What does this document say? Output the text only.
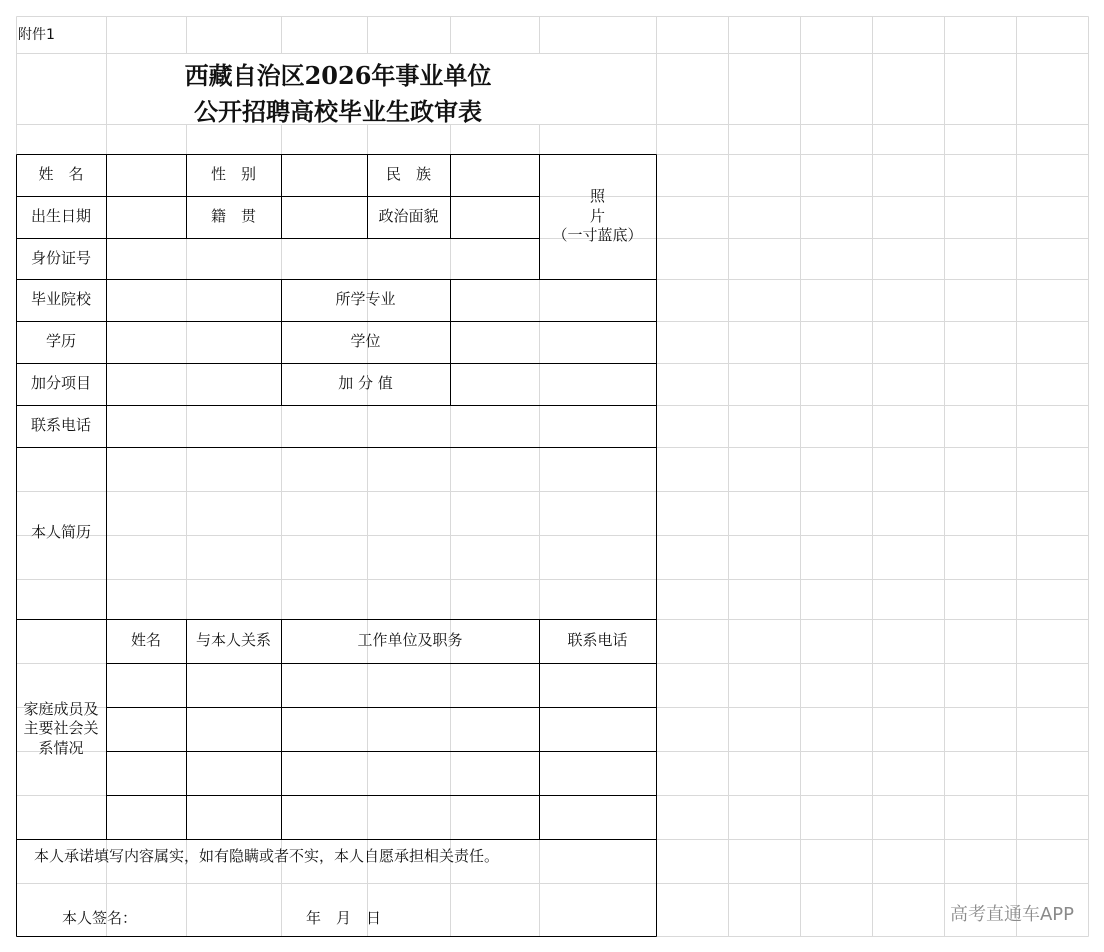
附件1
西藏自治区2026年事业单位
公开招聘高校毕业生政审表
姓　名	性　别	民　族
照
片
（一寸蓝底）
出生日期	籍　贯	政治面貌
身份证号
毕业院校	所学专业
学历	学位
加分项目	加 分 值
联系电话
本人简历
家庭成员及主要社会关系情况
姓名	与本人关系	工作单位及职务	联系电话
本人承诺填写内容属实，如有隐瞒或者不实，本人自愿承担相关责任。
本人签名：	年　月　日	高考直通车APP
